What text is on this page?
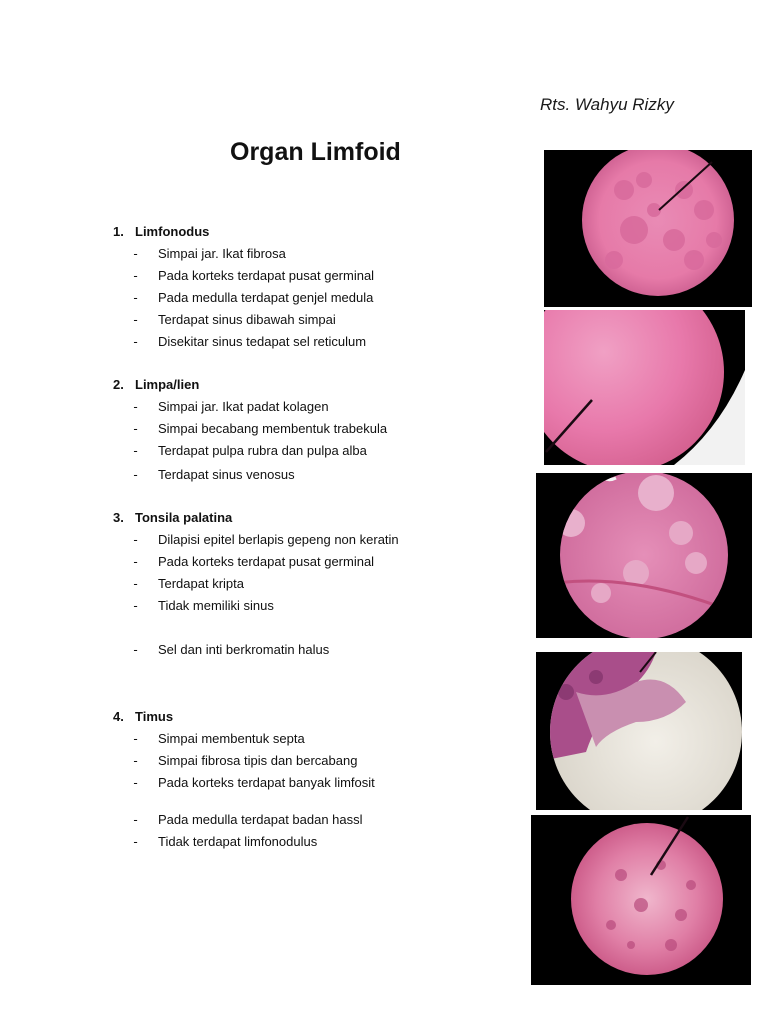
Rts. Wahyu Rizky
Organ Limfoid
1. Limfonodus
-	Simpai jar. Ikat fibrosa
-	Pada korteks terdapat pusat germinal
-	Pada medulla terdapat genjel medula
-	Terdapat sinus dibawah simpai
-	Disekitar sinus tedapat sel reticulum
2. Limpa/lien
-	Simpai jar. Ikat padat kolagen
-	Simpai becabang membentuk trabekula
-	Terdapat pulpa rubra dan pulpa alba
-	Terdapat sinus venosus
3. Tonsila palatina
-	Dilapisi epitel berlapis gepeng non keratin
-	Pada korteks terdapat pusat germinal
-	Terdapat kripta
-	Tidak memiliki sinus
-	Sel dan inti berkromatin halus
4. Timus
-	Simpai membentuk septa
-	Simpai fibrosa tipis dan bercabang
-	Pada korteks terdapat banyak limfosit
-	Pada medulla terdapat badan hassl
-	Tidak terdapat limfonodulus
